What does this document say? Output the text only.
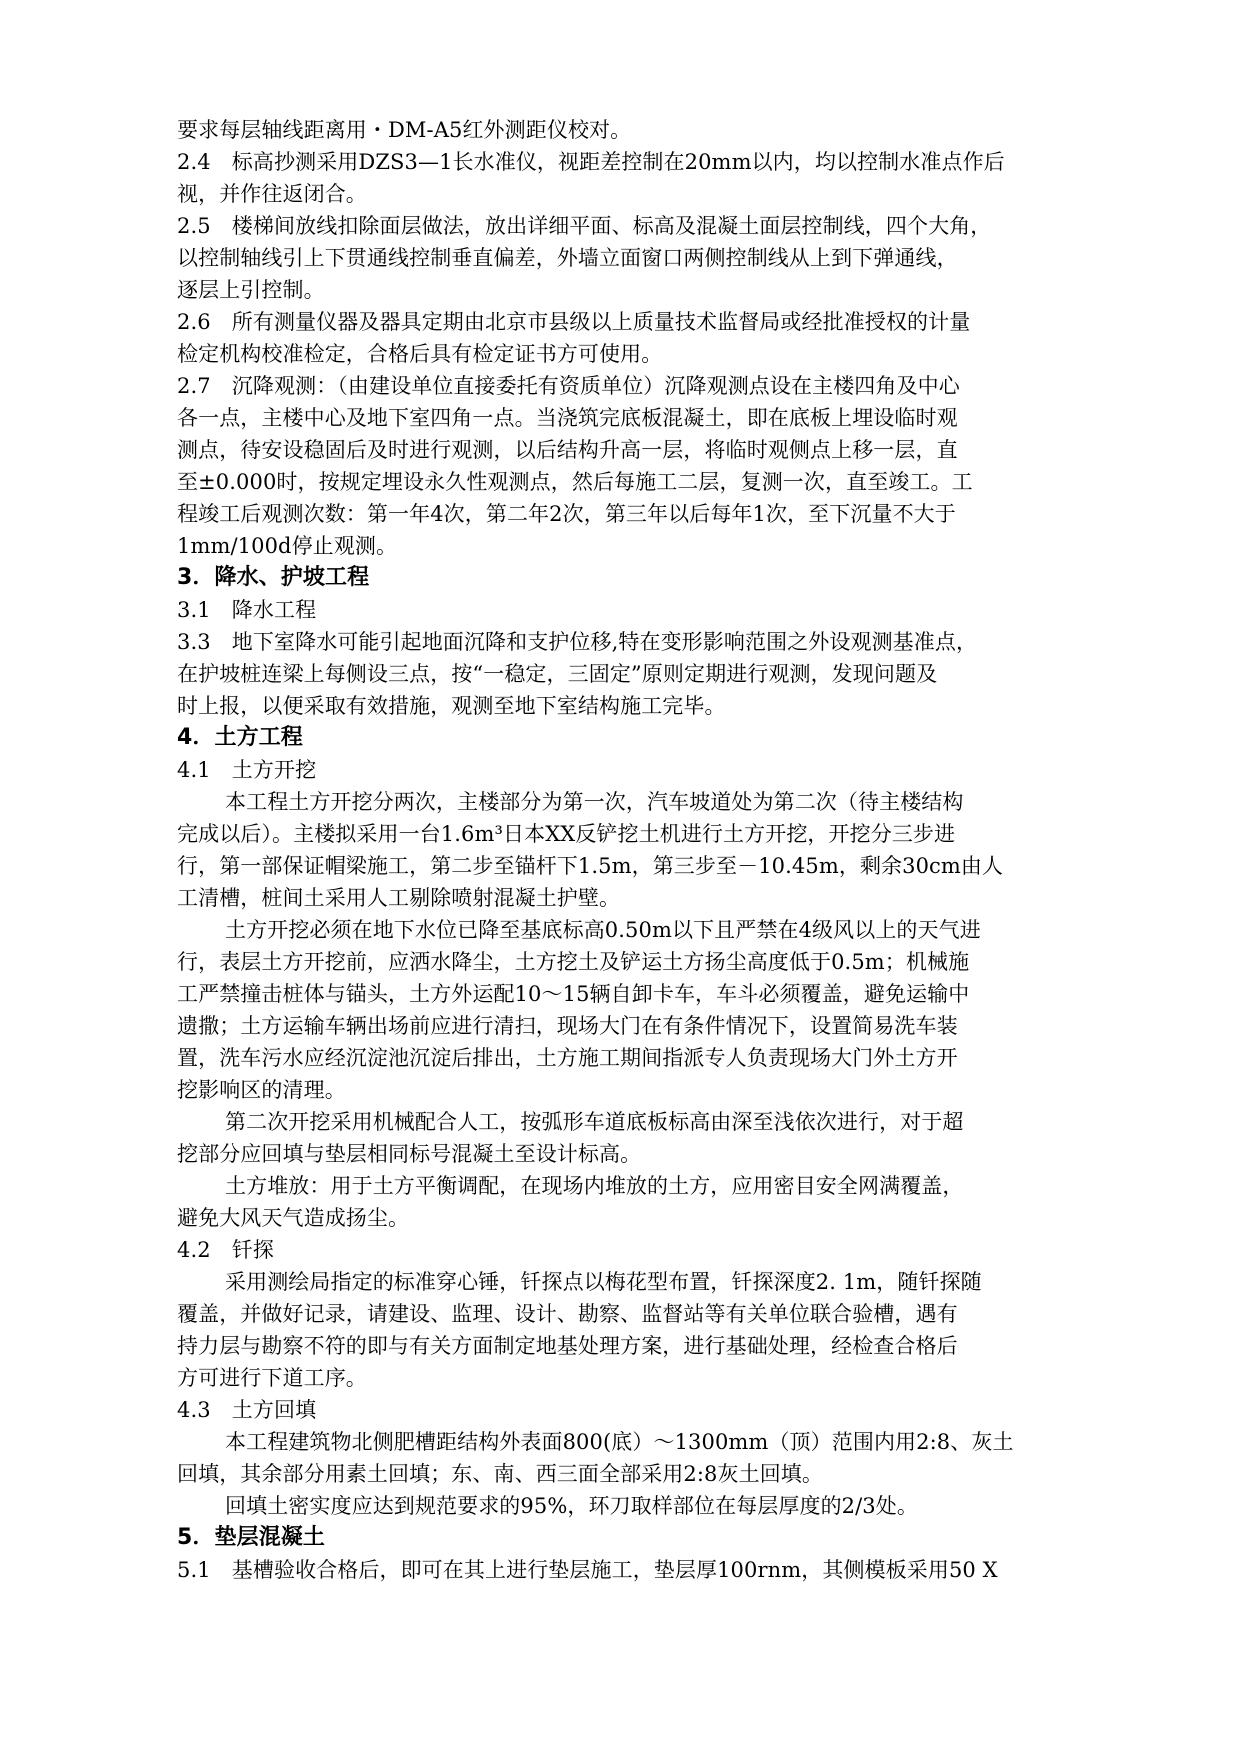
要求每层轴线距离用・DM-A5红外测距仪校对。
2.4　标高抄测采用DZS3—1长水准仪，视距差控制在20mm以内，均以控制水准点作后
视，并作往返闭合。
2.5　楼梯间放线扣除面层做法，放出详细平面、标高及混凝土面层控制线，四个大角，
以控制轴线引上下贯通线控制垂直偏差，外墙立面窗口两侧控制线从上到下弹通线，
逐层上引控制。
2.6　所有测量仪器及器具定期由北京市县级以上质量技术监督局或经批准授权的计量
检定机构校准检定，合格后具有检定证书方可使用。
2.7　沉降观测：（由建设单位直接委托有资质单位）沉降观测点设在主楼四角及中心
各一点，主楼中心及地下室四角一点。当浇筑完底板混凝土，即在底板上埋设临时观
测点，待安设稳固后及时进行观测，以后结构升高一层，将临时观侧点上移一层，直
至±0.000时，按规定埋设永久性观测点，然后每施工二层，复测一次，直至竣工。工
程竣工后观测次数：第一年4次，第二年2次，第三年以后每年1次，至下沉量不大于
1mm/100d停止观测。
3．降水、护坡工程
3.1　降水工程
3.3　地下室降水可能引起地面沉降和支护位移,特在变形影响范围之外设观测基准点，
在护坡桩连梁上每侧设三点，按“一稳定，三固定”原则定期进行观测，发现问题及
时上报，以便采取有效措施，观测至地下室结构施工完毕。
4．土方工程
4.1　土方开挖
本工程土方开挖分两次，主楼部分为第一次，汽车坡道处为第二次（待主楼结构
完成以后）。主楼拟采用一台1.6m³日本XX反铲挖土机进行土方开挖，开挖分三步进
行，第一部保证帽梁施工，第二步至锚杆下1.5m，第三步至－10.45m，剩余30cm由人
工清槽，桩间土采用人工剔除喷射混凝土护壁。
土方开挖必须在地下水位已降至基底标高0.50m以下且严禁在4级风以上的天气进
行，表层土方开挖前，应洒水降尘，土方挖土及铲运土方扬尘高度低于0.5m；机械施
工严禁撞击桩体与锚头，土方外运配10～15辆自卸卡车，车斗必须覆盖，避免运输中
遗撒；土方运输车辆出场前应进行清扫，现场大门在有条件情况下，设置简易洗车装
置，洗车污水应经沉淀池沉淀后排出，土方施工期间指派专人负责现场大门外土方开
挖影响区的清理。
第二次开挖采用机械配合人工，按弧形车道底板标高由深至浅依次进行，对于超
挖部分应回填与垫层相同标号混凝土至设计标高。
土方堆放：用于土方平衡调配，在现场内堆放的土方，应用密目安全网满覆盖，
避免大风天气造成扬尘。
4.2　钎探
采用测绘局指定的标准穿心锤，钎探点以梅花型布置，钎探深度2. 1m，随钎探随
覆盖，并做好记录，请建设、监理、设计、勘察、监督站等有关单位联合验槽，遇有
持力层与勘察不符的即与有关方面制定地基处理方案，进行基础处理，经检查合格后
方可进行下道工序。
4.3　土方回填
本工程建筑物北侧肥槽距结构外表面800(底）～1300mm（顶）范围内用2:8、灰土
回填，其余部分用素土回填；东、南、西三面全部采用2:8灰土回填。
回填土密实度应达到规范要求的95%，环刀取样部位在每层厚度的2/3处。
5．垫层混凝土
5.1　基槽验收合格后，即可在其上进行垫层施工，垫层厚100rnm，其侧模板采用50 X
